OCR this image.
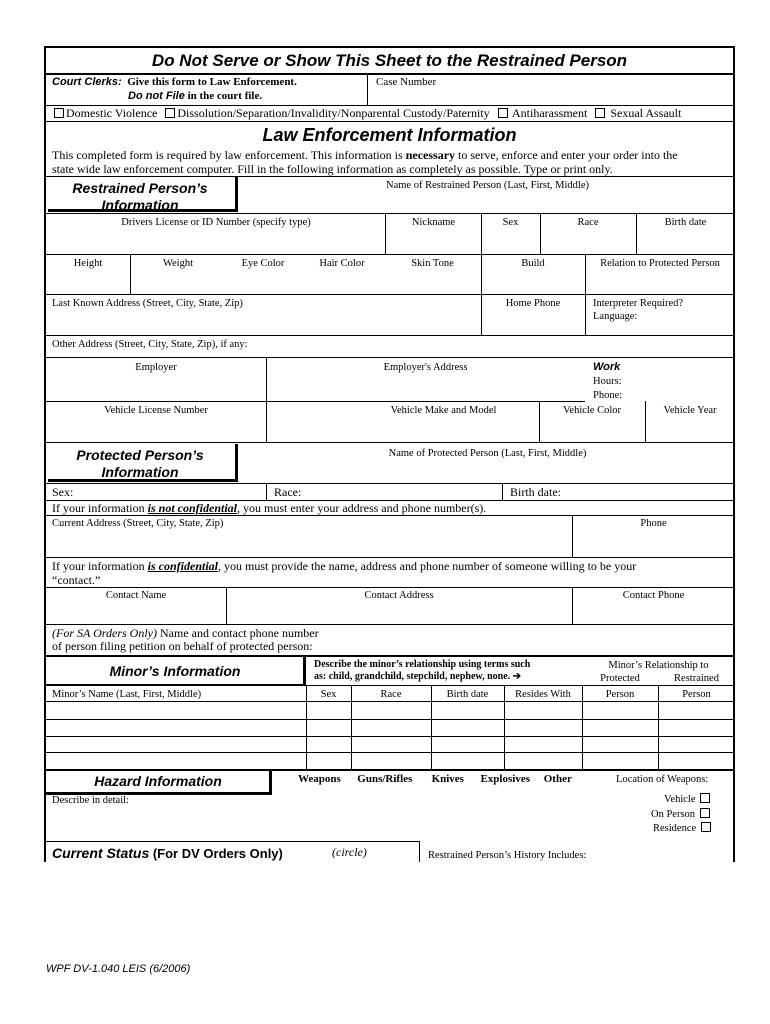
Do Not Serve or Show This Sheet to the Restrained Person
Court Clerks: Give this form to Law Enforcement.
Do not File in the court file.
Case Number
Domestic Violence Dissolution/Separation/Invalidity/Nonparental Custody/Paternity Antiharassment Sexual Assault
Law Enforcement Information
This completed form is required by law enforcement. This information is necessary to serve, enforce and enter your order into the
state wide law enforcement computer. Fill in the following information as completely as possible. Type or print only.
Restrained Person’s
Information
Name of Restrained Person (Last, First, Middle)
Drivers License or ID Number (specify type)	Nickname	Sex	Race	Birth date
Height	Weight	Eye Color	Hair Color	Skin Tone	Build	Relation to Protected Person
Last Known Address (Street, City, State, Zip)	Home Phone	Interpreter Required?
Language:
Other Address (Street, City, State, Zip), if any:
Employer	Employer's Address	Work
Hours:
Phone:
Vehicle License Number	Vehicle Make and Model	Vehicle Color	Vehicle Year
Protected Person’s
Information
Name of Protected Person (Last, First, Middle)
Sex:	Race:	Birth date:
If your information is not confidential, you must enter your address and phone number(s).
Current Address (Street, City, State, Zip)	Phone
If your information is confidential, you must provide the name, address and phone number of someone willing to be your
“contact.”
Contact Name	Contact Address	Contact Phone
(For SA Orders Only) Name and contact phone number
of person filing petition on behalf of protected person:
Minor’s Information	Describe the minor’s relationship using terms such
as: child, grandchild, stepchild, nephew, none. ➔
Minor’s Relationship to
Protected	Restrained
Minor’s Name (Last, First, Middle)	Sex	Race	Birth date	Resides With	Person	Person
Hazard Information	Weapons Guns/Rifles Knives Explosives Other	Location of Weapons:
Describe in detail:	Vehicle
On Person
Residence
Current Status (For DV Orders Only)	(circle)	Restrained Person’s History Includes:
WPF DV-1.040 LEIS (6/2006)
